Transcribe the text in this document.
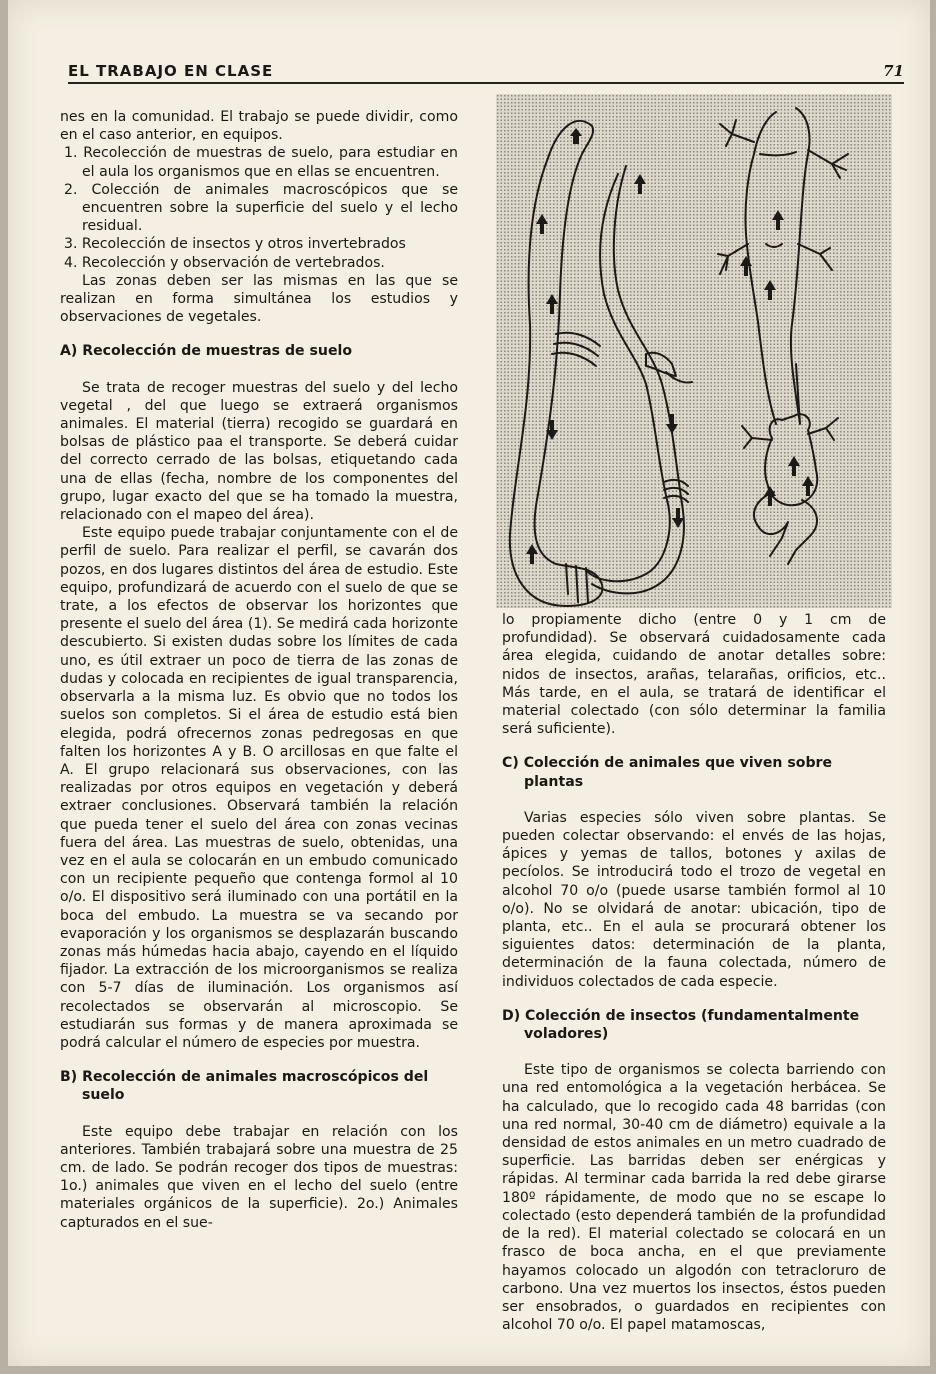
EL TRABAJO EN CLASE	71

nes en la comunidad. El trabajo se puede dividir, como en el caso anterior, en equipos.

1. Recolección de muestras de suelo, para estudiar en el aula los organismos que en ellas se encuentren.
2. Colección de animales macroscópicos que se encuentren sobre la superficie del suelo y el lecho residual.
3. Recolección de insectos y otros invertebrados
4. Recolección y observación de vertebrados.

Las zonas deben ser las mismas en las que se realizan en forma simultánea los estudios y observaciones de vegetales.

A) Recolección de muestras de suelo

Se trata de recoger muestras del suelo y del lecho vegetal , del que luego se extraerá organismos animales. El material (tierra) recogido se guardará en bolsas de plástico paa el transporte. Se deberá cuidar del correcto cerrado de las bolsas, etiquetando cada una de ellas (fecha, nombre de los componentes del grupo, lugar exacto del que se ha tomado la muestra, relacionado con el mapeo del área).

Este equipo puede trabajar conjuntamente con el de perfil de suelo. Para realizar el perfil, se cavarán dos pozos, en dos lugares distintos del área de estudio. Este equipo, profundizará de acuerdo con el suelo de que se trate, a los efectos de observar los horizontes que presente el suelo del área (1). Se medirá cada horizonte descubierto. Si existen dudas sobre los límites de cada uno, es útil extraer un poco de tierra de las zonas de dudas y colocada en recipientes de igual transparencia, observarla a la misma luz. Es obvio que no todos los suelos son completos. Si el área de estudio está bien elegida, podrá ofrecernos zonas pedregosas en que falten los horizontes A y B. O arcillosas en que falte el A. El grupo relacionará sus observaciones, con las realizadas por otros equipos en vegetación y deberá extraer conclusiones. Observará también la relación que pueda tener el suelo del área con zonas vecinas fuera del área. Las muestras de suelo, obtenidas, una vez en el aula se colocarán en un embudo comunicado con un recipiente pequeño que contenga formol al 10 o/o. El dispositivo será iluminado con una portátil en la boca del embudo. La muestra se va secando por evaporación y los organismos se desplazarán buscando zonas más húmedas hacia abajo, cayendo en el líquido fijador. La extracción de los microorganismos se realiza con 5-7 días de iluminación. Los organismos así recolectados se observarán al microscopio. Se estudiarán sus formas y de manera aproximada se podrá calcular el número de especies por muestra.

B) Recolección de animales macroscópicos del suelo

Este equipo debe trabajar en relación con los anteriores. También trabajará sobre una muestra de 25 cm. de lado. Se podrán recoger dos tipos de muestras: 1o.) animales que viven en el lecho del suelo (entre materiales orgánicos de la superficie). 2o.) Animales capturados en el sue-

lo propiamente dicho (entre 0 y 1 cm de profundidad). Se observará cuidadosamente cada área elegida, cuidando de anotar detalles sobre: nidos de insectos, arañas, telarañas, orificios, etc.. Más tarde, en el aula, se tratará de identificar el material colectado (con sólo determinar la familia será suficiente).

C) Colección de animales que viven sobre plantas

Varias especies sólo viven sobre plantas. Se pueden colectar observando: el envés de las hojas, ápices y yemas de tallos, botones y axilas de pecíolos. Se introducirá todo el trozo de vegetal en alcohol 70 o/o (puede usarse también formol al 10 o/o). No se olvidará de anotar: ubicación, tipo de planta, etc.. En el aula se procurará obtener los siguientes datos: determinación de la planta, determinación de la fauna colectada, número de individuos colectados de cada especie.

D) Colección de insectos (fundamentalmente voladores)

Este tipo de organismos se colecta barriendo con una red entomológica a la vegetación herbácea. Se ha calculado, que lo recogido cada 48 barridas (con una red normal, 30-40 cm de diámetro) equivale a la densidad de estos animales en un metro cuadrado de superficie. Las barridas deben ser enérgicas y rápidas. Al terminar cada barrida la red debe girarse 180º rápidamente, de modo que no se escape lo colectado (esto dependerá también de la profundidad de la red). El material colectado se colocará en un frasco de boca ancha, en el que previamente hayamos colocado un algodón con tetracloruro de carbono. Una vez muertos los insectos, éstos pueden ser ensobrados, o guardados en recipientes con alcohol 70 o/o. El papel matamoscas,
